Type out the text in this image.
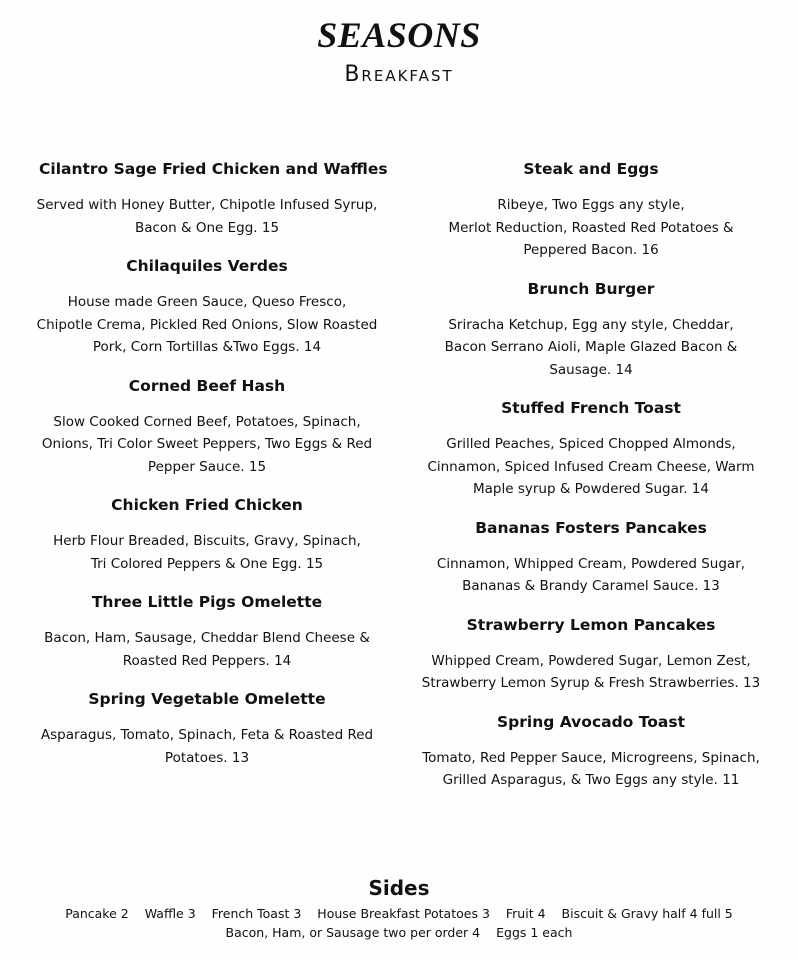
SEASONS
Breakfast
Cilantro Sage Fried Chicken and Waffles
Served with Honey Butter, Chipotle Infused Syrup,
Bacon & One Egg. 15
Chilaquiles Verdes
House made Green Sauce, Queso Fresco,
Chipotle Crema, Pickled Red Onions, Slow Roasted
Pork, Corn Tortillas &Two Eggs. 14
Corned Beef Hash
Slow Cooked Corned Beef, Potatoes, Spinach,
Onions, Tri Color Sweet Peppers, Two Eggs & Red
Pepper Sauce. 15
Chicken Fried Chicken
Herb Flour Breaded, Biscuits, Gravy, Spinach,
Tri Colored Peppers & One Egg. 15
Three Little Pigs Omelette
Bacon, Ham, Sausage, Cheddar Blend Cheese &
Roasted Red Peppers. 14
Spring Vegetable Omelette
Asparagus, Tomato, Spinach, Feta & Roasted Red
Potatoes. 13
Steak and Eggs
Ribeye, Two Eggs any style,
Merlot Reduction, Roasted Red Potatoes &
Peppered Bacon. 16
Brunch Burger
Sriracha Ketchup, Egg any style, Cheddar,
Bacon Serrano Aioli, Maple Glazed Bacon &
Sausage. 14
Stuffed French Toast
Grilled Peaches, Spiced Chopped Almonds,
Cinnamon, Spiced Infused Cream Cheese, Warm
Maple syrup & Powdered Sugar. 14
Bananas Fosters Pancakes
Cinnamon, Whipped Cream, Powdered Sugar,
Bananas & Brandy Caramel Sauce. 13
Strawberry Lemon Pancakes
Whipped Cream, Powdered Sugar, Lemon Zest,
Strawberry Lemon Syrup & Fresh Strawberries. 13
Spring Avocado Toast
Tomato, Red Pepper Sauce, Microgreens, Spinach,
Grilled Asparagus, & Two Eggs any style. 11
Sides
Pancake 2 Waffle 3 French Toast 3 House Breakfast Potatoes 3 Fruit 4 Biscuit & Gravy half 4 full 5
Bacon, Ham, or Sausage two per order 4 Eggs 1 each
